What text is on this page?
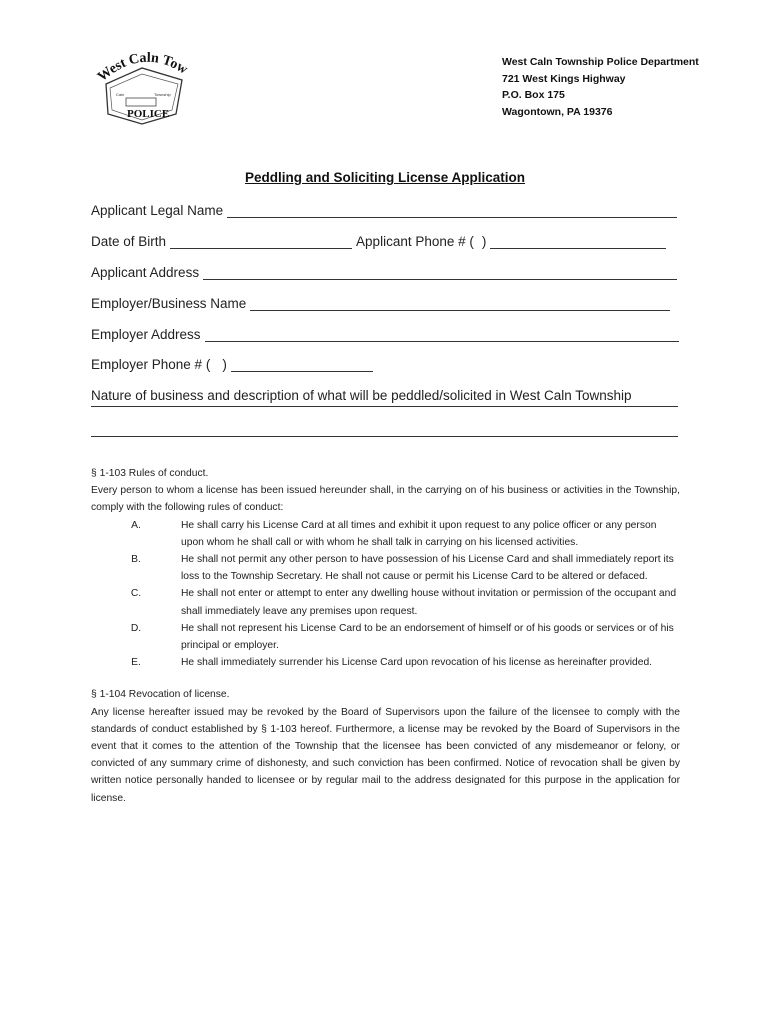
West Caln Tow
Caln	Township
POLICE
West Caln Township Police Department
721 West Kings Highway
P.O. Box 175
Wagontown, PA 19376
Peddling and Soliciting License Application
Applicant Legal Name
Date of Birth	Applicant Phone # ( )
Applicant Address
Employer/Business Name
Employer Address
Employer Phone # ( )
Nature of business and description of what will be peddled/solicited in West Caln Township
§ 1-103 Rules of conduct.

Every person to whom a license has been issued hereunder shall, in the carrying on of his business or activities in the Township, comply with the following rules of conduct:

A.	He shall carry his License Card at all times and exhibit it upon request to any police officer or any person upon whom he shall call or with whom he shall talk in carrying on his licensed activities.
B.	He shall not permit any other person to have possession of his License Card and shall immediately report its loss to the Township Secretary. He shall not cause or permit his License Card to be altered or defaced.
C.	He shall not enter or attempt to enter any dwelling house without invitation or permission of the occupant and shall immediately leave any premises upon request.
D.	He shall not represent his License Card to be an endorsement of himself or of his goods or services or of his principal or employer.
E.	He shall immediately surrender his License Card upon revocation of his license as hereinafter provided.
§ 1-104 Revocation of license.

Any license hereafter issued may be revoked by the Board of Supervisors upon the failure of the licensee to comply with the standards of conduct established by § 1-103 hereof. Furthermore, a license may be revoked by the Board of Supervisors in the event that it comes to the attention of the Township that the licensee has been convicted of any misdemeanor or felony, or convicted of any summary crime of dishonesty, and such conviction has been confirmed. Notice of revocation shall be given by written notice personally handed to licensee or by regular mail to the address designated for this purpose in the application for license.
